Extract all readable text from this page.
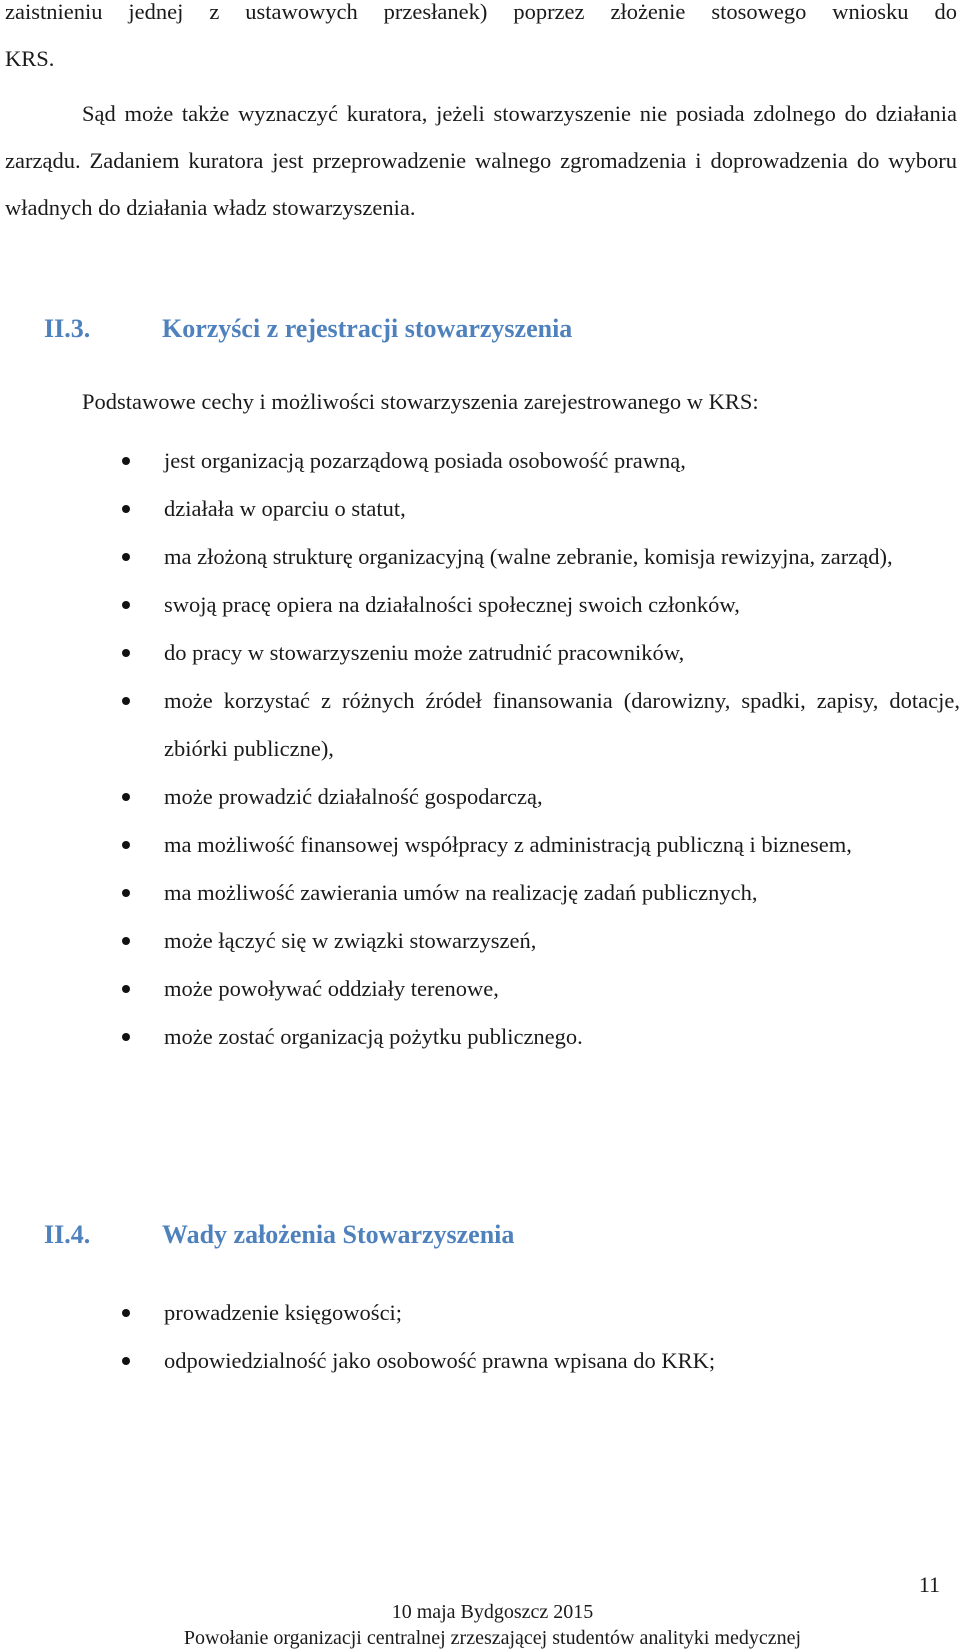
zaistnieniu jednej z ustawowych przesłanek) poprzez złożenie stosowego wniosku do
KRS.

Sąd może także wyznaczyć kuratora, jeżeli stowarzyszenie nie posiada zdolnego do działania zarządu. Zadaniem kuratora jest przeprowadzenie walnego zgromadzenia i doprowadzenia do wyboru władnych do działania władz stowarzyszenia.

II.3.	Korzyści z rejestracji stowarzyszenia

Podstawowe cechy i możliwości stowarzyszenia zarejestrowanego w KRS:

jest organizacją pozarządową posiada osobowość prawną,
działała w oparciu o statut,
ma złożoną strukturę organizacyjną (walne zebranie, komisja rewizyjna, zarząd),
swoją pracę opiera na działalności społecznej swoich członków,
do pracy w stowarzyszeniu może zatrudnić pracowników,
może korzystać z różnych źródeł finansowania (darowizny, spadki, zapisy, dotacje, zbiórki publiczne),
może prowadzić działalność gospodarczą,
ma możliwość finansowej współpracy z administracją publiczną i biznesem,
ma możliwość zawierania umów na realizację zadań publicznych,
może łączyć się w związki stowarzyszeń,
może powoływać oddziały terenowe,
może zostać organizacją pożytku publicznego.
II.4.	Wady założenia Stowarzyszenia
prowadzenie księgowości;
odpowiedzialność jako osobowość prawna wpisana do KRK;
11
10 maja Bydgoszcz 2015
Powołanie organizacji centralnej zrzeszającej studentów analityki medycznej
